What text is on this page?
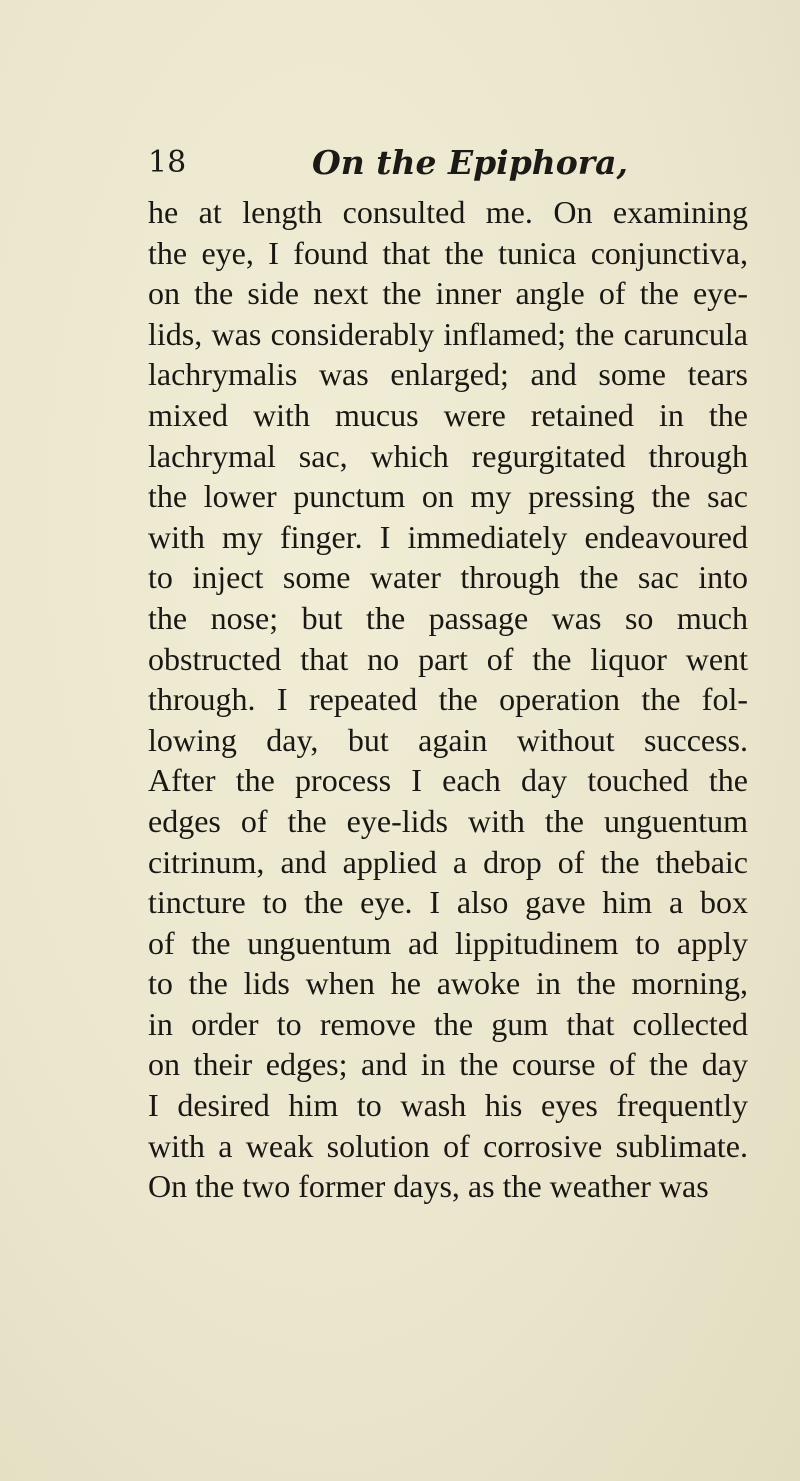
18	On the Epiphora,
he at length consulted me. On examining
the eye, I found that the tunica conjunctiva,
on the side next the inner angle of the eye-
lids, was considerably inflamed; the caruncula
lachrymalis was enlarged; and some tears
mixed with mucus were retained in the
lachrymal sac, which regurgitated through
the lower punctum on my pressing the sac
with my finger. I immediately endeavoured
to inject some water through the sac into
the nose; but the passage was so much
obstructed that no part of the liquor went
through. I repeated the operation the fol-
lowing day, but again without success.
After the process I each day touched the
edges of the eye-lids with the unguentum
citrinum, and applied a drop of the thebaic
tincture to the eye. I also gave him a box
of the unguentum ad lippitudinem to apply
to the lids when he awoke in the morning,
in order to remove the gum that collected
on their edges; and in the course of the day
I desired him to wash his eyes frequently
with a weak solution of corrosive sublimate.
On the two former days, as the weather was
